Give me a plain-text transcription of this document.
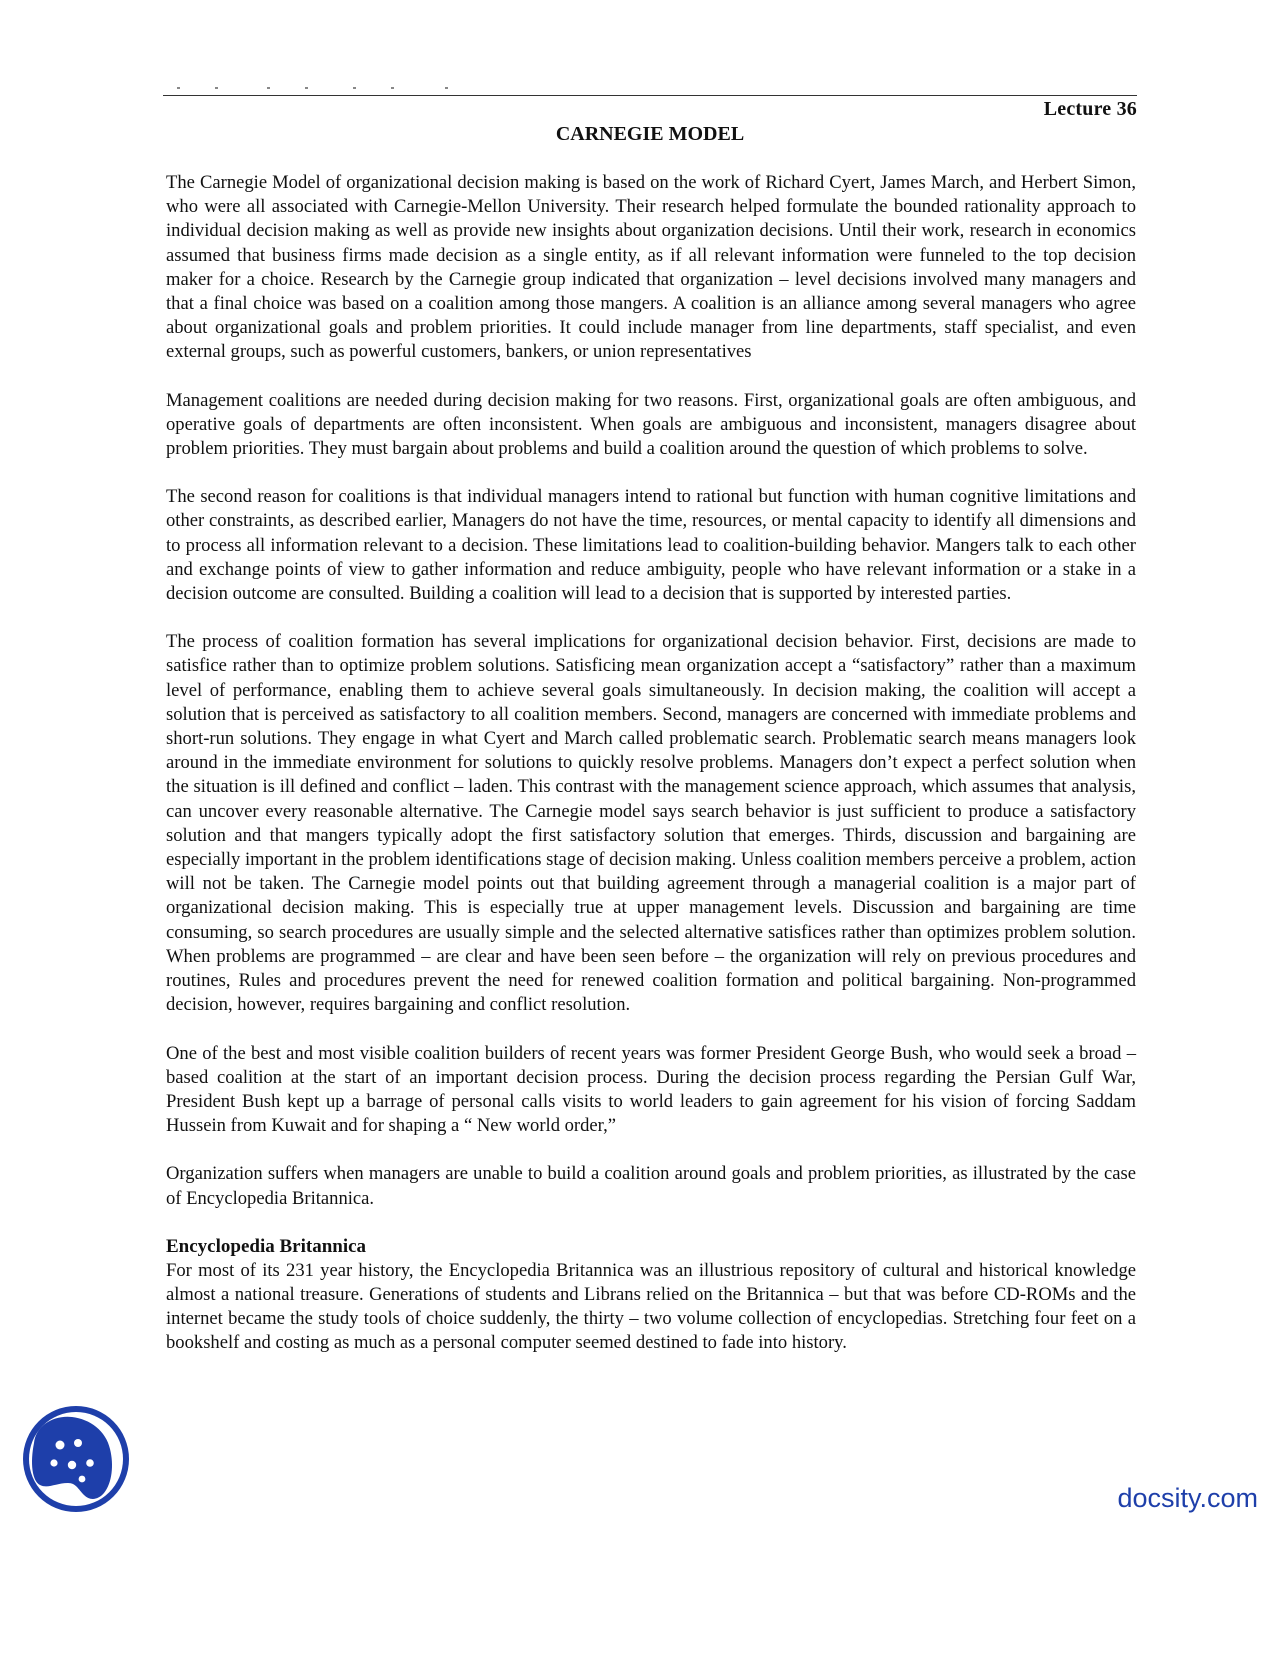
Lecture 36
CARNEGIE MODEL

The Carnegie Model of organizational decision making is based on the work of Richard Cyert, James March, and Herbert Simon, who were all associated with Carnegie-Mellon University. Their research helped formulate the bounded rationality approach to individual decision making as well as provide new insights about organization decisions. Until their work, research in economics assumed that business firms made decision as a single entity, as if all relevant information were funneled to the top decision maker for a choice. Research by the Carnegie group indicated that organization – level decisions involved many managers and that a final choice was based on a coalition among those mangers. A coalition is an alliance among several managers who agree about organizational goals and problem priorities. It could include manager from line departments, staff specialist, and even external groups, such as powerful customers, bankers, or union representatives

Management coalitions are needed during decision making for two reasons. First, organizational goals are often ambiguous, and operative goals of departments are often inconsistent. When goals are ambiguous and inconsistent, managers disagree about problem priorities. They must bargain about problems and build a coalition around the question of which problems to solve.

The second reason for coalitions is that individual managers intend to rational but function with human cognitive limitations and other constraints, as described earlier, Managers do not have the time, resources, or mental capacity to identify all dimensions and to process all information relevant to a decision. These limitations lead to coalition-building behavior. Mangers talk to each other and exchange points of view to gather information and reduce ambiguity, people who have relevant information or a stake in a decision outcome are consulted. Building a coalition will lead to a decision that is supported by interested parties.

The process of coalition formation has several implications for organizational decision behavior. First, decisions are made to satisfice rather than to optimize problem solutions. Satisficing mean organization accept a “satisfactory” rather than a maximum level of performance, enabling them to achieve several goals simultaneously. In decision making, the coalition will accept a solution that is perceived as satisfactory to all coalition members. Second, managers are concerned with immediate problems and short-run solutions. They engage in what Cyert and March called problematic search. Problematic search means managers look around in the immediate environment for solutions to quickly resolve problems. Managers don’t expect a perfect solution when the situation is ill defined and conflict – laden. This contrast with the management science approach, which assumes that analysis, can uncover every reasonable alternative. The Carnegie model says search behavior is just sufficient to produce a satisfactory solution and that mangers typically adopt the first satisfactory solution that emerges. Thirds, discussion and bargaining are especially important in the problem identifications stage of decision making. Unless coalition members perceive a problem, action will not be taken. The Carnegie model points out that building agreement through a managerial coalition is a major part of organizational decision making. This is especially true at upper management levels. Discussion and bargaining are time consuming, so search procedures are usually simple and the selected alternative satisfices rather than optimizes problem solution. When problems are programmed – are clear and have been seen before – the organization will rely on previous procedures and routines, Rules and procedures prevent the need for renewed coalition formation and political bargaining. Non-programmed decision, however, requires bargaining and conflict resolution.

One of the best and most visible coalition builders of recent years was former President George Bush, who would seek a broad – based coalition at the start of an important decision process. During the decision process regarding the Persian Gulf War, President Bush kept up a barrage of personal calls visits to world leaders to gain agreement for his vision of forcing Saddam Hussein from Kuwait and for shaping a “ New world order,”

Organization suffers when managers are unable to build a coalition around goals and problem priorities, as illustrated by the case of Encyclopedia Britannica.

Encyclopedia Britannica

For most of its 231 year history, the Encyclopedia Britannica was an illustrious repository of cultural and historical knowledge almost a national treasure. Generations of students and Librans relied on the Britannica – but that was before CD-ROMs and the internet became the study tools of choice suddenly, the thirty – two volume collection of encyclopedias. Stretching four feet on a bookshelf and costing as much as a personal computer seemed destined to fade into history.

docsity.com
